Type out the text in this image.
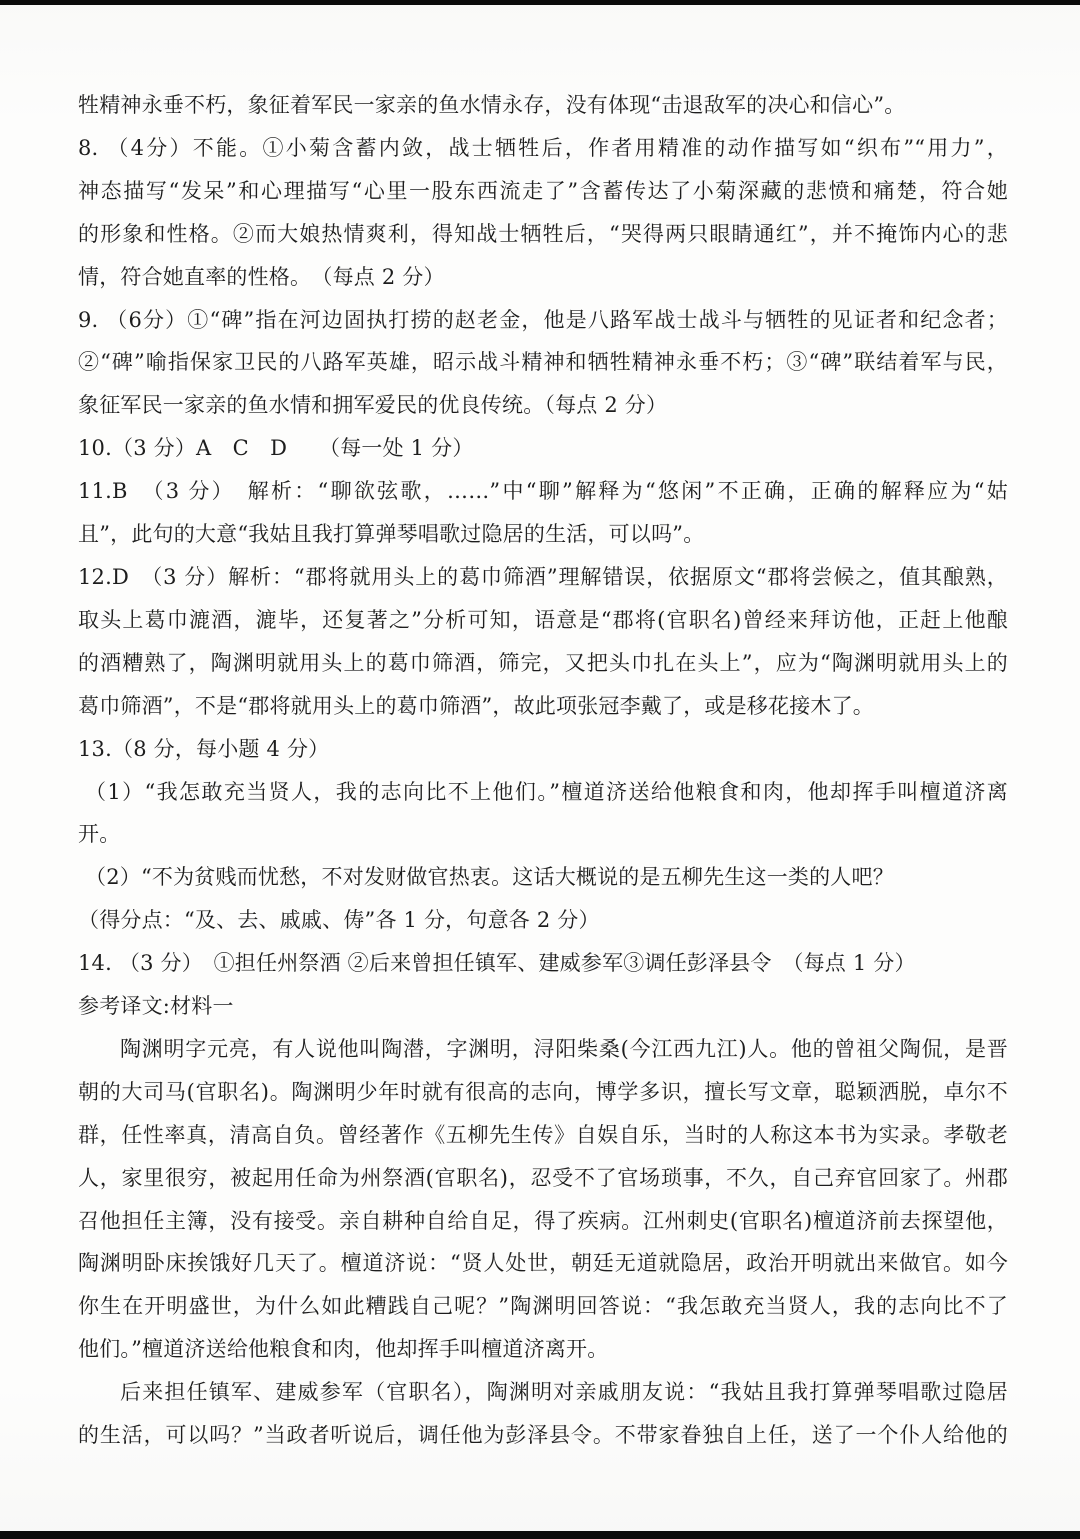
牲精神永垂不朽，象征着军民一家亲的鱼水情永存，没有体现“击退敌军的决心和信心”。
8. （4分）不能。①小菊含蓄内敛，战士牺牲后，作者用精准的动作描写如“织布”“用力”，
神态描写“发呆”和心理描写“心里一股东西流走了”含蓄传达了小菊深藏的悲愤和痛楚，符合她
的形象和性格。②而大娘热情爽利，得知战士牺牲后，“哭得两只眼睛通红”，并不掩饰内心的悲
情，符合她直率的性格。　（每点 2 分）
9. （6分）①“碑”指在河边固执打捞的赵老金，他是八路军战士战斗与牺牲的见证者和纪念者；
②“碑”喻指保家卫民的八路军英雄，昭示战斗精神和牺牲精神永垂不朽；③“碑”联结着军与民，
象征军民一家亲的鱼水情和拥军爱民的优良传统。（每点 2 分）
10.（3 分）A　C　D　　（每一处 1 分）
11.B　（3 分）　解析：“聊欲弦歌，……”中“聊”解释为“悠闲”不正确，正确的解释应为“姑
且”，此句的大意“我姑且我打算弹琴唱歌过隐居的生活，可以吗”。
12.D　（3 分）解析：“郡将就用头上的葛巾筛酒”理解错误，依据原文“郡将尝候之，值其酿熟，
取头上葛巾漉酒，漉毕，还复著之”分析可知，语意是“郡将(官职名)曾经来拜访他，正赶上他酿
的酒糟熟了，陶渊明就用头上的葛巾筛酒，筛完，又把头巾扎在头上”，应为“陶渊明就用头上的
葛巾筛酒”，不是“郡将就用头上的葛巾筛酒”，故此项张冠李戴了，或是移花接木了。
13.（8 分，每小题 4 分）
（1）“我怎敢充当贤人，我的志向比不上他们。”檀道济送给他粮食和肉，他却挥手叫檀道济离
开。
（2）“不为贫贱而忧愁，不对发财做官热衷。这话大概说的是五柳先生这一类的人吧？
（得分点：“及、去、戚戚、俦”各 1 分，句意各 2 分）
14. （3 分）　①担任州祭酒 ②后来曾担任镇军、建威参军③调任彭泽县令　（每点 1 分）
参考译文:材料一
陶渊明字元亮，有人说他叫陶潜，字渊明，浔阳柴桑(今江西九江)人。他的曾祖父陶侃，是晋
朝的大司马(官职名)。陶渊明少年时就有很高的志向，博学多识，擅长写文章，聪颖洒脱，卓尔不
群，任性率真，清高自负。曾经著作《五柳先生传》自娱自乐，当时的人称这本书为实录。孝敬老
人，家里很穷，被起用任命为州祭酒(官职名)，忍受不了官场琐事，不久，自己弃官回家了。州郡
召他担任主簿，没有接受。亲自耕种自给自足，得了疾病。江州刺史(官职名)檀道济前去探望他，
陶渊明卧床挨饿好几天了。檀道济说：“贤人处世，朝廷无道就隐居，政治开明就出来做官。如今
你生在开明盛世，为什么如此糟践自己呢？”陶渊明回答说：“我怎敢充当贤人，我的志向比不了
他们。”檀道济送给他粮食和肉，他却挥手叫檀道济离开。
后来担任镇军、建威参军（官职名），陶渊明对亲戚朋友说：“我姑且我打算弹琴唱歌过隐居
的生活，可以吗？”当政者听说后，调任他为彭泽县令。不带家眷独自上任，送了一个仆人给他的
